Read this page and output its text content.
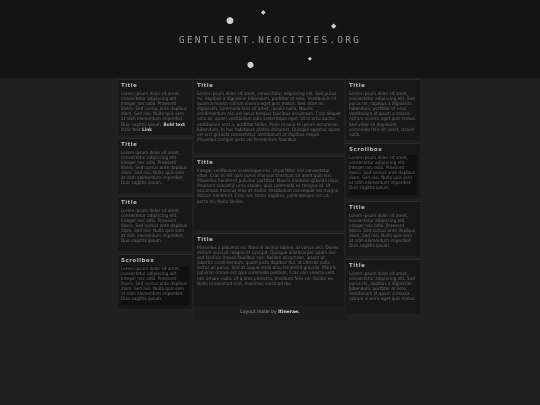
●
◆
◆
●
◆
GENTLEENT.NEOCITIES.ORG
Title
Lorem ipsum dolor sit amet, consectetur adipiscing elit. Integer nec odio. Praesent libero. Sed cursus ante dapibus diam. Sed nisi. Nulla quis sem at nibh elementum imperdiet. Duis sagittis ipsum. Bold text Italic text Link
Title
Lorem ipsum dolor sit amet, consectetur adipiscing elit. Integer nec odio. Praesent libero. Sed cursus ante dapibus diam. Sed nisi. Nulla quis sem at nibh elementum imperdiet. Duis sagittis ipsum.
Title
Lorem ipsum dolor sit amet, consectetur adipiscing elit. Integer nec odio. Praesent libero. Sed cursus ante dapibus diam. Sed nisi. Nulla quis sem at nibh elementum imperdiet. Duis sagittis ipsum.
Scrollbox
Lorem ipsum dolor sit amet, consectetur adipiscing elit. Integer nec odio. Praesent libero. Sed cursus ante dapibus diam. Sed nisi. Nulla quis sem at nibh elementum imperdiet. Duis sagittis ipsum.
Title
Lorem ipsum dolor sit amet, consectetur adipiscing elit. Sed purus mi, dapibus a dignissim bibendum, porttitor et eros. Vestibulum id quam a massa rutrum viverra eget quis metus. Sed vitae mi dignissim, commodo felis sit amet, iaculis nulla. Mauris condimentum nisi vel lacus tempus faucibus accumsan. Cras aliquet arcu ac, quam vestibulum odio scelerisque eget. Ut in arcu auctor, vestibulum erat a, porttitor tellus. Proin id arcu et ipsum accumsan bibendum. In hac habitasse platea dictumst. Quisque egestas quam vel orci gravida consectetur. Vestibulum at dapibus neque. Phasellus congue justo vel fermentum faucibus.
Title
Integer vestibulum scelerisque nisi, id porttitor nisl consectetur vitae. Cras et elit quis purus rhoncus tincidunt sit amet quis nisi. Phasellus hendrerit pulvinar porttitor. Mauris molestie gravida risus. Praesent convallis urna sapien, quis commodo ex tempus id. Ut accumsan rhoncus eros at mollis. Vestibulum consequat vel magna dictum hendrerit. Cras non tortor dapibus, pellentesque nisi ut, porta mi. Nulla facilisi.
Title
Phasellus a placerat mi. Nam id lacinia sapien, id varius orci. Donec dictum suscipit magna et suscipit. Quisque ullamcorper quam nec sed facilisis massa faucibus nec. Nullam accumsan, ipsum ut lobortis condimentum, quam justo dapibus dui, at ultrices nulla lectus ac purus. Sed at augue vitae arcu hendrerit gravida. Mauris pulvinar ornare est quis commodo pretium. Cras non viverra velit, nec ornare nulla. Ut a eros pharetra, tincidunt felis vel, facilisi ex. Nulla id euismod erat, maximus euismod dui.
Title
Lorem ipsum dolor sit amet, consectetur adipiscing elit. Sed purus mi, dapibus a dignissim bibendum, porttitor et eros. Vestibulum id quam a massa rutrum viverra eget quis metus. Sed vitae mi dignissim, commodo felis sit amet, iaculis nulla.
Scrollbox
Lorem ipsum dolor sit amet, consectetur adipiscing elit. Integer nec odio. Praesent libero. Sed cursus ante dapibus diam. Sed nisi. Nulla quis sem at nibh elementum imperdiet. Duis sagittis ipsum.
Title
Lorem ipsum dolor sit amet, consectetur adipiscing elit. Integer nec odio. Praesent libero. Sed cursus ante dapibus diam. Sed nisi. Nulla quis sem at nibh elementum imperdiet. Duis sagittis ipsum.
Title
Lorem ipsum dolor sit amet, consectetur adipiscing elit. Sed purus mi, dapibus a dignissim bibendum, porttitor et eros. Vestibulum id quam a massa rutrum viverra eget quis metus.
Layout made by Itinerae.
